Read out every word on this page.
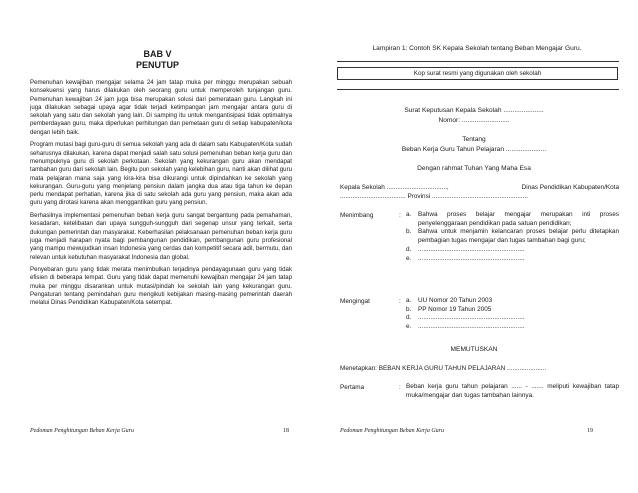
BAB V
PENUTUP

Pemenuhan kewajiban mengajar selama 24 jam tatap muka per minggu merupakan sebuah konsekuensi yang harus dilakukan oleh seorang guru untuk memperoleh tunjangan guru. Pemenuhan kewajiban 24 jam juga bisa merupakan solusi dari pemerataan guru. Langkah ini juga dilakukan sebagai upaya agar tidak terjadi ketimpangan jam mengajar antara guru di sekolah yang satu dan sekolah yang lain. Di samping itu untuk mengantisipasi tidak optimalnya pemberdayaan guru, maka diperlukan perhitungan dan pemetaan guru di setiap kabupaten/kota dengan lebih baik.

Program mutasi bagi guru-guru di semua sekolah yang ada di dalam satu Kabupaten/Kota sudah seharusnya dilakukan, karena dapat menjadi salah satu solusi pemenuhan beban kerja guru dan menumpuknya guru di sekolah perkotaan. Sekolah yang kekurangan guru akan mendapat tambahan guru dari sekolah lain. Begitu pun sekolah yang kelebihan guru, nanti akan dilihat guru mata pelajaran mana saja yang kira-kira bisa dikurangi untuk dipindahkan ke sekolah yang kekurangan. Guru-guru yang menjelang pensiun dalam jangka dua atau tiga tahun ke depan perlu mendapat perhatian, karena jika di satu sekolah ada guru yang pensiun, maka akan ada guru yang dirotasi karena akan menggantikan guru yang pensiun.

Berhasilnya implementasi pemenuhan beban kerja guru sangat bergantung pada pemahaman, kesadaran, ketelibatan dan upaya sungguh-sungguh dari segenap unsur yang terkait, serta dukungan pemerintah dan masyarakat. Keberhasilan pelaksanaan pemenuhan beban kerja guru juga menjadi harapan nyata bagi pembangunan pendidikan, pembangunan guru profesional yang mampu mewujudkan insan Indonesia yang cerdas dan kompetitif secara adil, bermutu, dan relevan untuk kebutuhan masyarakat Indonesia dan global.

Penyebaran guru yang tidak merata menimbulkan terjadinya pendayagunaan guru yang tidak efisien di beberapa tempat. Guru yang tidak dapat memenuhi kewajiban mengajar 24 jam tatap muka per minggu disarankan untuk mutasi/pindah ke sekolah lain yang kekurangan guru. Pengaturan tentang pemindahan guru mengikuti kebijakan masing-masing pemerintah daerah melalui Dinas Pendidikan Kabupaten/Kota setempat.

Pedoman Penghitungan Beban Kerja Guru	18
Lampiran 1: Contoh SK Kepala Sekolah tentang Beban Mengajar Guru.
Kop surat resmi yang digunakan oleh sekolah
Surat Keputusan Kepala Sekolah ......................
Nomor: ..........................
Tentang
Beban Kerja Guru Tahun Pelajaran ......................
Dengan rahmat Tuhan Yang Maha Esa
Kepala Sekolah ..................................,	Dinas Pendidikan Kabupaten/Kota
..................................... Provinsi ......................................................
Menimbang	: a.	Bahwa proses belajar mengajar merupakan inti proses penyelenggaraan pendidikan pada satuan pendidikan;
b.	Bahwa untuk menjamin kelancaran proses belajar perlu ditetapkan pembagian tugas mengajar dan tugas tambahan bagi guru;
d.	............................................................
e.	............................................................
Mengingat	: a.	UU Nomor 20 Tahun 2003
b.	PP Nomor 19 Tahun 2005
d.	............................................................
e.	............................................................
MEMUTUSKAN
Menetapkan: BEBAN KERJA GURU TAHUN PELAJARAN ......................
Pertama	: Beban kerja guru tahun pelajaran ...... - ....... meliputi kewajiban tatap muka/mengajar dan tugas tambahan lainnya.
Pedoman Penghitungan Beban Kerja Guru	19
